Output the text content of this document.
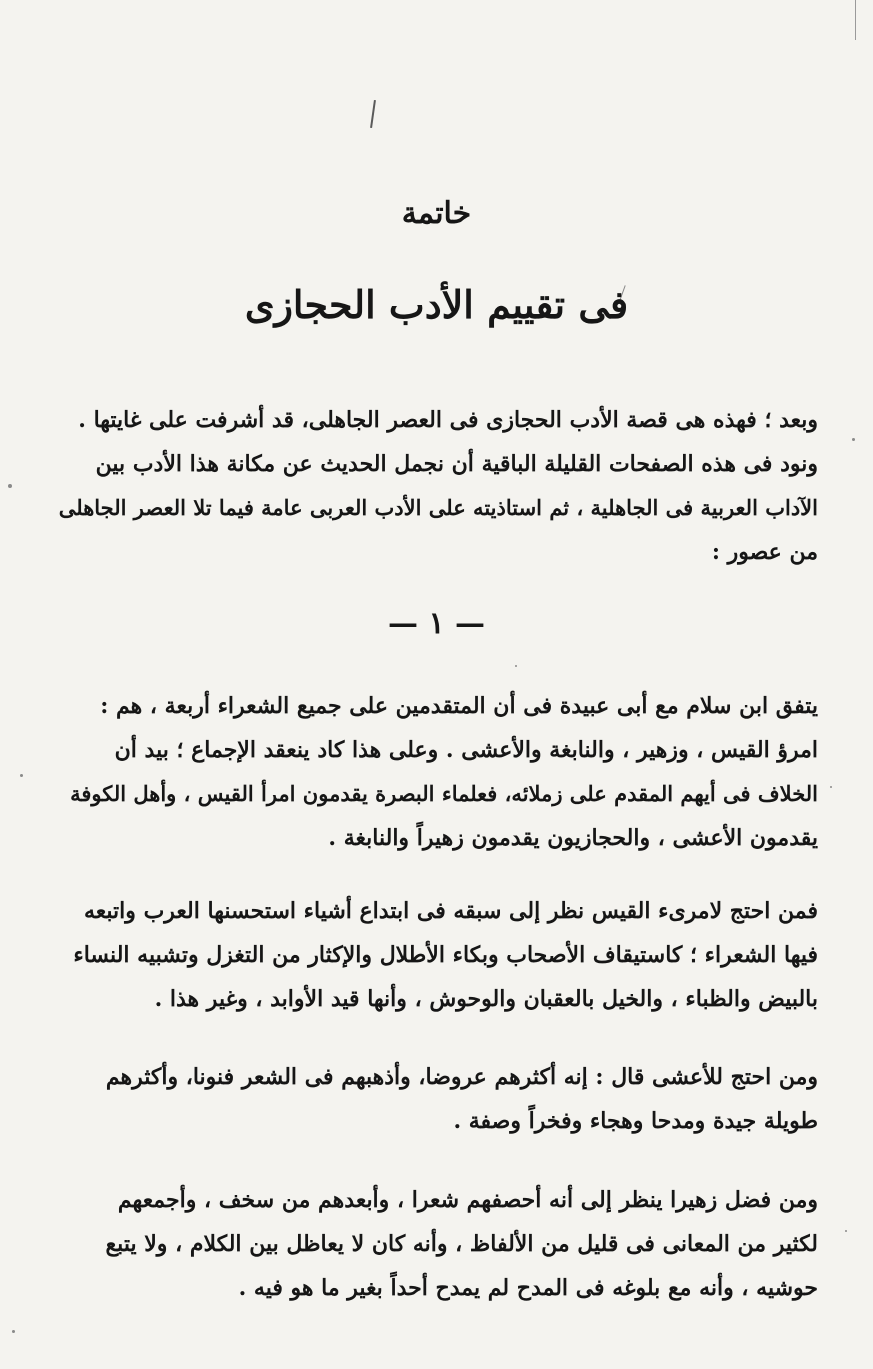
خاتمة
فى تقييم الأدب الحجازى
وبعد ؛ فهذه هى قصة الأدب الحجازى فى العصر الجاهلى، قد أشرفت على غايتها .
ونود فى هذه الصفحات القليلة الباقية أن نجمل الحديث عن مكانة هذا الأدب بين
الآداب العربية فى الجاهلية ، ثم استاذيته على الأدب العربى عامة فيما تلا العصر الجاهلى
من عصور :
— ١ —
يتفق ابن سلام مع أبى عبيدة فى أن المتقدمين على جميع الشعراء أربعة ، هم :
امرؤ القيس ، وزهير ، والنابغة والأعشى . وعلى هذا كاد ينعقد الإجماع ؛ بيد أن
الخلاف فى أيهم المقدم على زملائه، فعلماء البصرة يقدمون امرأ القيس ، وأهل الكوفة
يقدمون الأعشى ، والحجازيون يقدمون زهيراً والنابغة .
فمن احتج لامرىء القيس نظر إلى سبقه فى ابتداع أشياء استحسنها العرب واتبعه
فيها الشعراء ؛ كاستيقاف الأصحاب وبكاء الأطلال والإكثار من التغزل وتشبيه النساء
بالبيض والظباء ، والخيل بالعقبان والوحوش ، وأنها قيد الأوابد ، وغير هذا .
ومن احتج للأعشى قال : إنه أكثرهم عروضا، وأذهبهم فى الشعر فنونا، وأكثرهم
طويلة جيدة ومدحا وهجاء وفخراً وصفة .
ومن فضل زهيرا ينظر إلى أنه أحصفهم شعرا ، وأبعدهم من سخف ، وأجمعهم
لكثير من المعانى فى قليل من الألفاظ ، وأنه كان لا يعاظل بين الكلام ، ولا يتبع
حوشيه ، وأنه مع بلوغه فى المدح لم يمدح أحداً بغير ما هو فيه .
